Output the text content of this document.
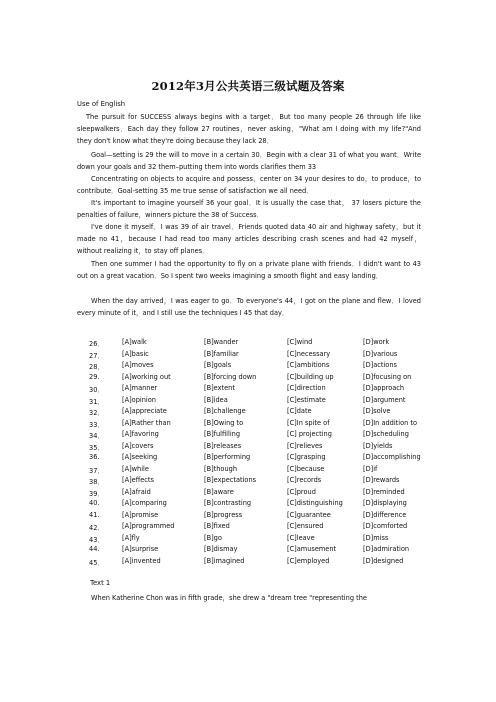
2012年3月公共英语三级试题及答案
Use of English
The pursuit for SUCCESS always begins with a target．But too many people 26 through life like sleepwalkers．Each day they follow 27 routines，never asking，"What am I doing with my life?"And they don't know what they're doing because they lack 28．
Goal—setting is 29 the will to move in a certain 30．Begin with a clear 31 of what you want．Write down your goals and 32 them–putting them into words clarifies them 33
Concentrating on objects to acquire and possess，center on 34 your desires to do，to produce，to contribute．Goal-setting 35 me true sense of satisfaction we all need．
It's important to imagine yourself 36 your goal．It is usually the case that， 37 losers picture the penalties of failure，winners picture the 38 of Success．
I've done it myself．I was 39 of air travel．Friends quoted data 40 air and highway safety，but it made no 41，because I had read too many articles describing crash scenes and had 42 myself，without realizing it，to stay off planes．
Then one summer I had the opportunity to fly on a private plane with friends．I didn't want to 43 out on a great vacation．So I spent two weeks imagining a smooth flight and easy landing．
When the day arrived，I was eager to go．To everyone's 44，I got on the plane and flew．I loved every minute of it，and I still use the techniques I 45 that day．
26．	[A]walk	[B]wander	[C]wind	[D]work
27．	[A]basic	[B]familiar	[C]necessary	[D]various
28．	[A]moves	[B]goals	[C]ambitions	[D]actions
29.	[A]working out	[B]forcing down	[C]building up	[D]focusing on
30．	[A]manner	[B]extent	[C]direction	[D]approach
31．	[A]opinion	[B]idea	[C]estimate	[D]argument
32．	[A]appreciate	[B]challenge	[C]date	[D]solve
33．	[A]Rather than	[B]Owing to	[C]In spite of	[D]In addition to
34．	[A]favoring	[B]fulfilling	[C] projecting	[D]scheduling
35．	[A]covers	[B]releases	[C]relieves	[D]yields
36.	[A]seeking	[B]performing	[C]grasping	[D]accomplishing
37．	[A]while	[B]though	[C]because	[D]if
38．	[A]effects	[B]expectations	[C]records	[D]rewards
39．	[A]afraid	[B]aware	[C]proud	[D]reminded
40.	[A]comparing	[B]contrasting	[C]distinguishing	[D]displaying
41.	[A]promise	[B]progress	[C]guarantee	[D]difference
42．	[A]programmed	[B]fixed	[C]ensured	[D]comforted
43．	[A]fly	[B]go	[C]leave	[D]miss
44.	[A]surprise	[B]dismay	[C]amusement	[D]admiration
45．	[A]invented	[B]imagined	[C]employed	[D]designed
Text 1
When Katherine Chon was in fifth grade，she drew a "dream tree "representing the
